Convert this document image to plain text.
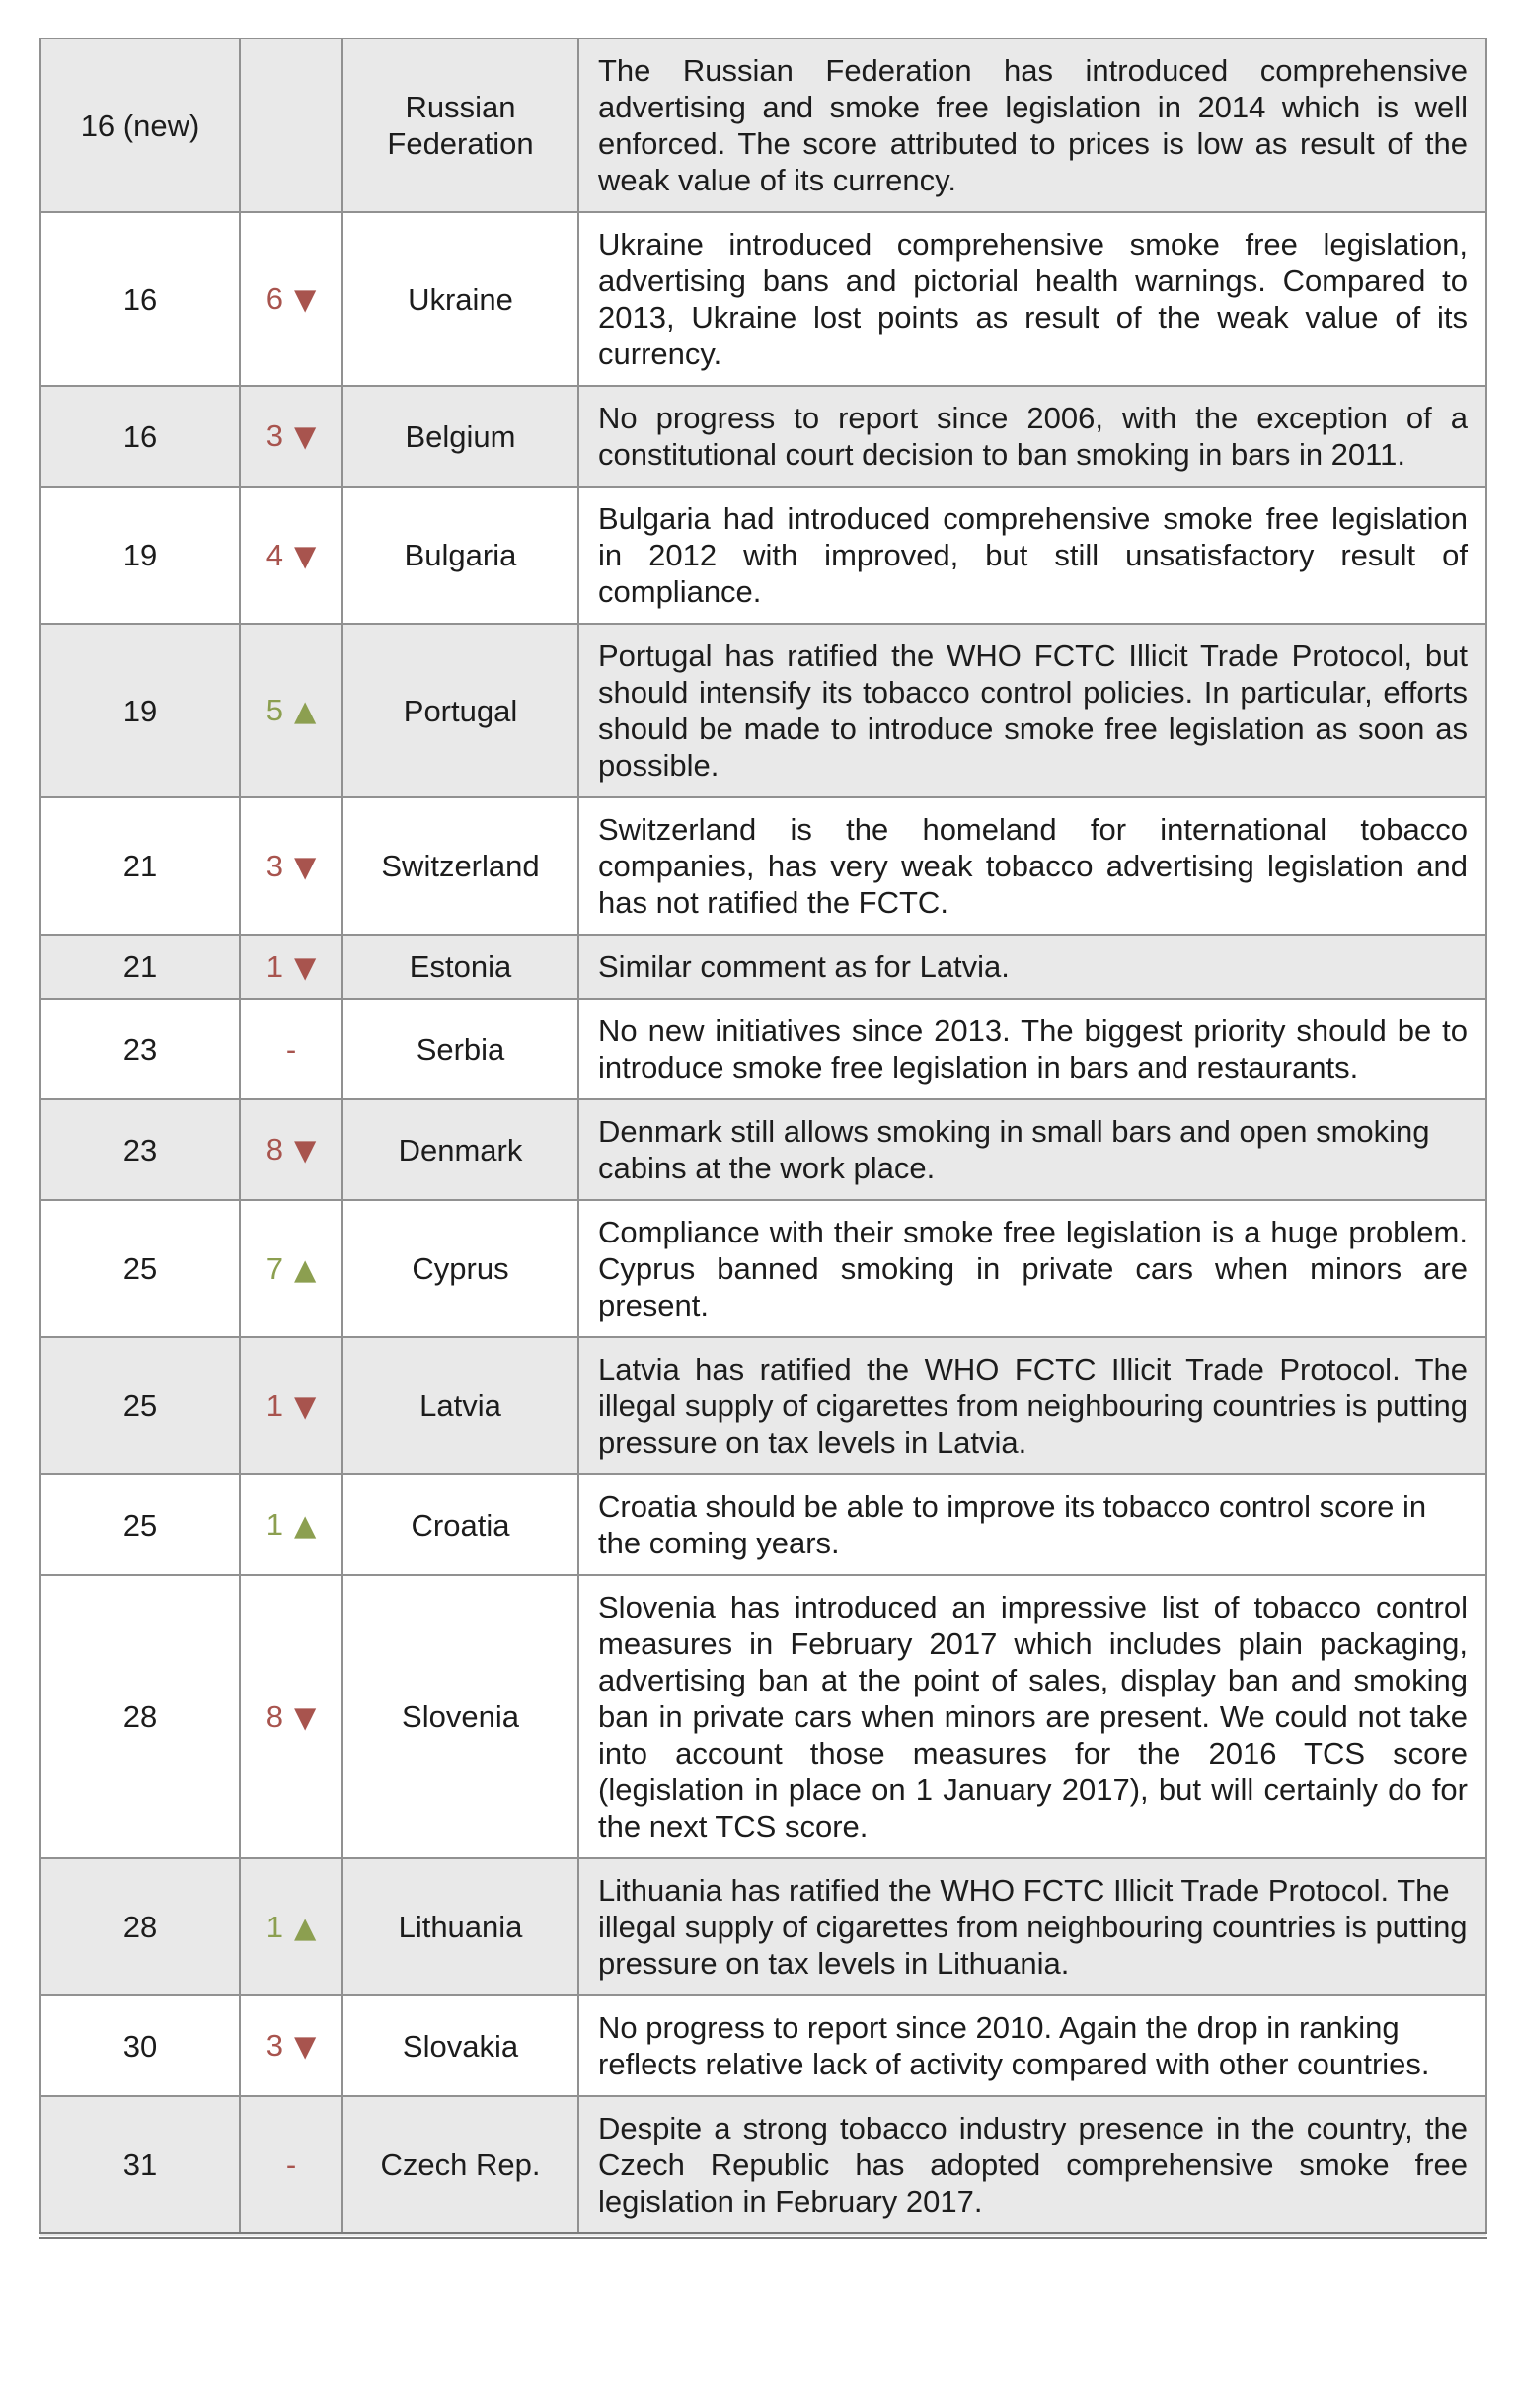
16 (new)		Russian Federation	The Russian Federation has introduced comprehensive advertising and smoke free legislation in 2014 which is well enforced. The score attributed to prices is low as result of the weak value of its currency.
16	6 ▼	Ukraine	Ukraine introduced comprehensive smoke free legislation, advertising bans and pictorial health warnings. Compared to 2013, Ukraine lost points as result of the weak value of its currency.
16	3 ▼	Belgium	No progress to report since 2006, with the exception of a constitutional court decision to ban smoking in bars in 2011.
19	4 ▼	Bulgaria	Bulgaria had introduced comprehensive smoke free legislation in 2012 with improved, but still unsatisfactory result of compliance.
19	5 ▲	Portugal	Portugal has ratified the WHO FCTC Illicit Trade Protocol, but should intensify its tobacco control policies. In particular, efforts should be made to introduce smoke free legislation as soon as possible.
21	3 ▼	Switzerland	Switzerland is the homeland for international tobacco companies, has very weak tobacco advertising legislation and has not ratified the FCTC.
21	1 ▼	Estonia	Similar comment as for Latvia.
23	-	Serbia	No new initiatives since 2013. The biggest priority should be to introduce smoke free legislation in bars and restaurants.
23	8 ▼	Denmark	Denmark still allows smoking in small bars and open smoking cabins at the work place.
25	7 ▲	Cyprus	Compliance with their smoke free legislation is a huge problem. Cyprus banned smoking in private cars when minors are present.
25	1 ▼	Latvia	Latvia has ratified the WHO FCTC Illicit Trade Protocol. The illegal supply of cigarettes from neighbouring countries is putting pressure on tax levels in Latvia.
25	1 ▲	Croatia	Croatia should be able to improve its tobacco control score in the coming years.
28	8 ▼	Slovenia	Slovenia has introduced an impressive list of tobacco control measures in February 2017 which includes plain packaging, advertising ban at the point of sales, display ban and smoking ban in private cars when minors are present. We could not take into account those measures for the 2016 TCS score (legislation in place on 1 January 2017), but will certainly do for the next TCS score.
28	1 ▲	Lithuania	Lithuania has ratified the WHO FCTC Illicit Trade Protocol. The illegal supply of cigarettes from neighbouring countries is putting pressure on tax levels in Lithuania.
30	3 ▼	Slovakia	No progress to report since 2010. Again the drop in ranking reflects relative lack of activity compared with other countries.
31	-	Czech Rep.	Despite a strong tobacco industry presence in the country, the Czech Republic has adopted comprehensive smoke free legislation in February 2017.
